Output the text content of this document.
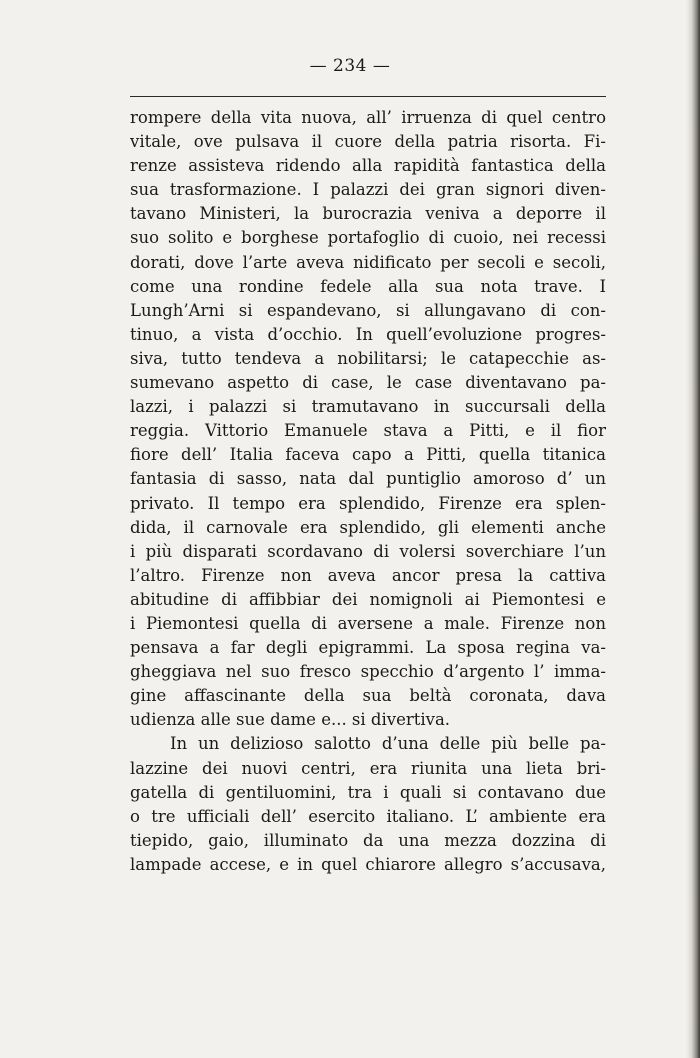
— 234 —
rompere della vita nuova, all’ irruenza di quel centro
vitale, ove pulsava il cuore della patria risorta. Fi-
renze assisteva ridendo alla rapidità fantastica della
sua trasformazione. I palazzi dei gran signori diven-
tavano Ministeri, la burocrazia veniva a deporre il
suo solito e borghese portafoglio di cuoio, nei recessi
dorati, dove l’arte aveva nidificato per secoli e secoli,
come una rondine fedele alla sua nota trave. I
Lungh’Arni si espandevano, si allungavano di con-
tinuo, a vista d’occhio. In quell’evoluzione progres-
siva, tutto tendeva a nobilitarsi; le catapecchie as-
sumevano aspetto di case, le case diventavano pa-
lazzi, i palazzi si tramutavano in succursali della
reggia. Vittorio Emanuele stava a Pitti, e il fior
fiore dell’ Italia faceva capo a Pitti, quella titanica
fantasia di sasso, nata dal puntiglio amoroso d’ un
privato. Il tempo era splendido, Firenze era splen-
dida, il carnovale era splendido, gli elementi anche
i più disparati scordavano di volersi soverchiare l’un
l’altro. Firenze non aveva ancor presa la cattiva
abitudine di affibbiar dei nomignoli ai Piemontesi e
i Piemontesi quella di aversene a male. Firenze non
pensava a far degli epigrammi. La sposa regina va-
gheggiava nel suo fresco specchio d’argento l’ imma-
gine affascinante della sua beltà coronata, dava
udienza alle sue dame e... si divertiva.
In un delizioso salotto d’una delle più belle pa-
lazzine dei nuovi centri, era riunita una lieta bri-
gatella di gentiluomini, tra i quali si contavano due
o tre ufficiali dell’ esercito italiano. L’ ambiente era
tiepido, gaio, illuminato da una mezza dozzina di
lampade accese, e in quel chiarore allegro s’accusava,
